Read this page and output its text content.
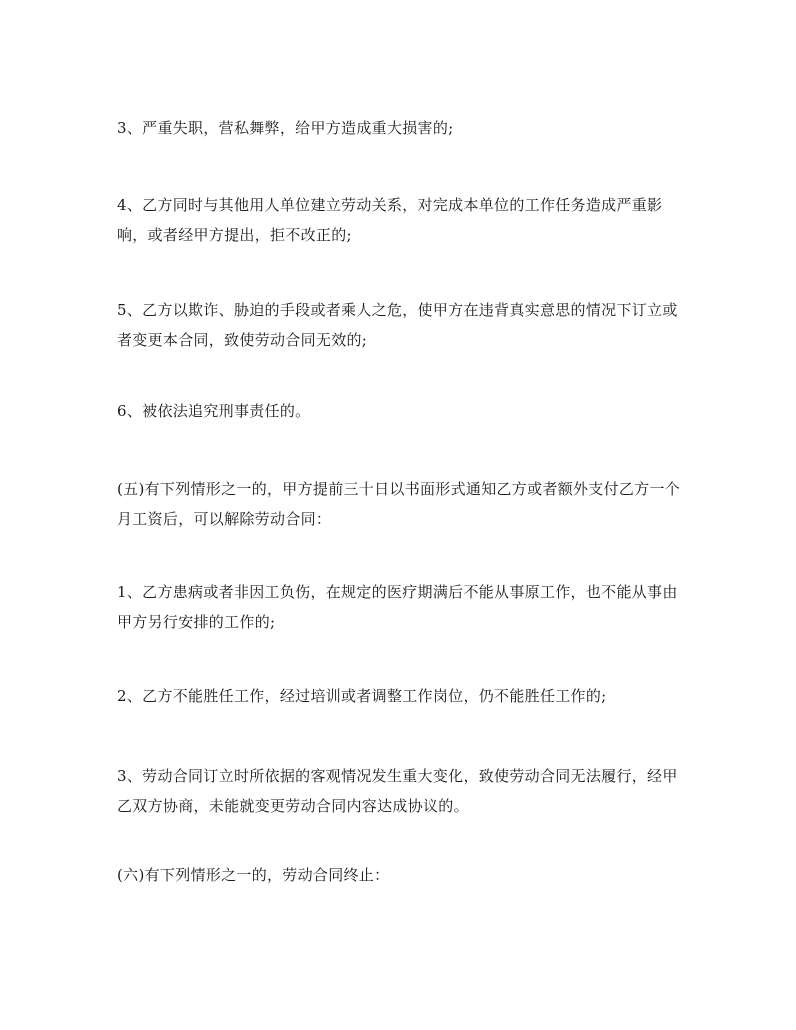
3、严重失职，营私舞弊，给甲方造成重大损害的;

4、乙方同时与其他用人单位建立劳动关系，对完成本单位的工作任务造成严重影响，或者经甲方提出，拒不改正的;

5、乙方以欺诈、胁迫的手段或者乘人之危，使甲方在违背真实意思的情况下订立或者变更本合同，致使劳动合同无效的;

6、被依法追究刑事责任的。

(五)有下列情形之一的，甲方提前三十日以书面形式通知乙方或者额外支付乙方一个月工资后，可以解除劳动合同：

1、乙方患病或者非因工负伤，在规定的医疗期满后不能从事原工作，也不能从事由甲方另行安排的工作的;

2、乙方不能胜任工作，经过培训或者调整工作岗位，仍不能胜任工作的;

3、劳动合同订立时所依据的客观情况发生重大变化，致使劳动合同无法履行，经甲乙双方协商，未能就变更劳动合同内容达成协议的。

(六)有下列情形之一的，劳动合同终止：
